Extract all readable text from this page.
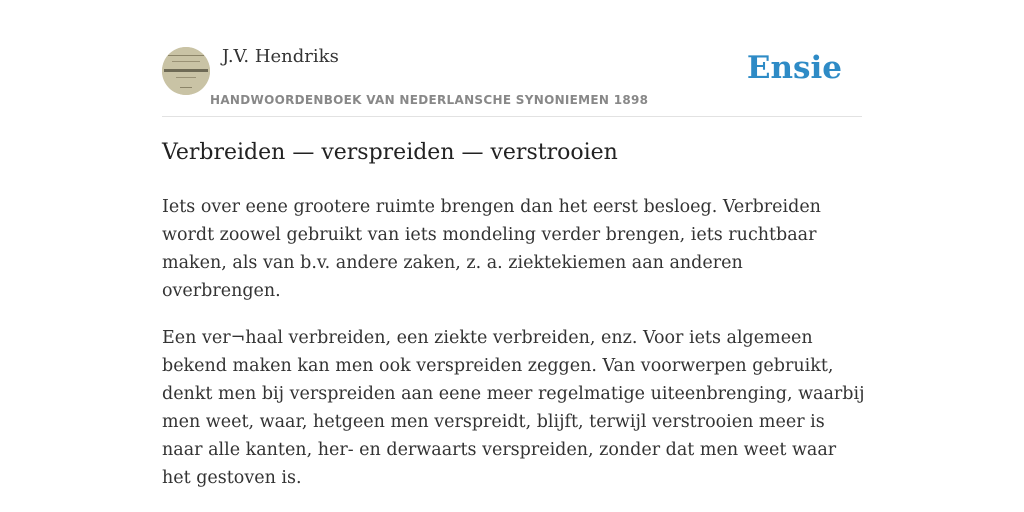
J.V. Hendriks
HANDWOORDENBOEK VAN NEDERLANSCHE SYNONIEMEN 1898
Ensie
Verbreiden — verspreiden — verstrooien

Iets over eene grootere ruimte brengen dan het eerst besloeg. Verbreiden wordt zoowel gebruikt van iets mondeling verder brengen, iets ruchtbaar maken, als van b.v. andere zaken, z. a. ziektekiemen aan anderen overbrengen.

Een ver¬haal verbreiden, een ziekte verbreiden, enz. Voor iets algemeen bekend maken kan men ook verspreiden zeggen. Van voorwerpen gebruikt, denkt men bij verspreiden aan eene meer regelmatige uiteenbrenging, waarbij men weet, waar, hetgeen men verspreidt, blijft, terwijl verstrooien meer is naar alle kanten, her- en derwaarts verspreiden, zonder dat men weet waar het gestoven is.
